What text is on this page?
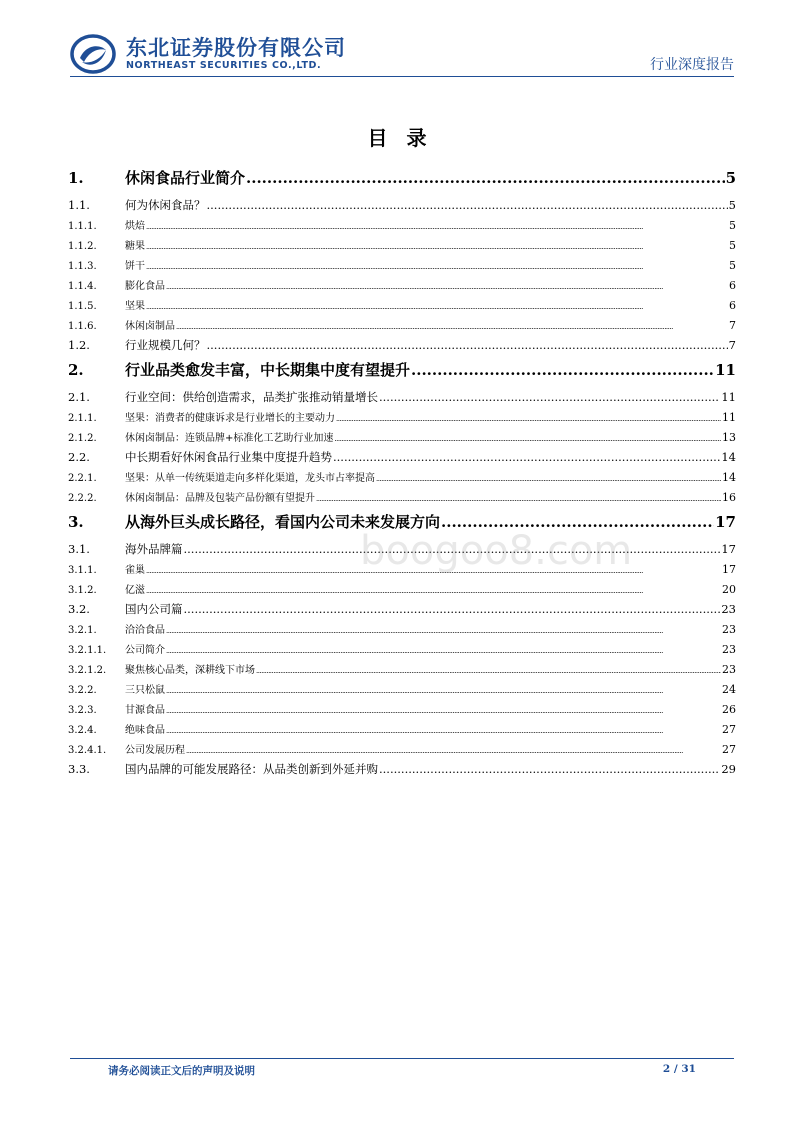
东北证券股份有限公司
NORTHEAST SECURITIES CO.,LTD.	行业深度报告
目 录
1.	休闲食品行业简介 .....	5
1.1.	何为休闲食品？ .....	5
1.1.1.	烘焙 .....	5
1.1.2.	糖果 .....	5
1.1.3.	饼干 .....	5
1.1.4.	膨化食品 .....	6
1.1.5.	坚果 .....	6
1.1.6.	休闲卤制品 .....	7
1.2.	行业规模几何？ .....	7
2.	行业品类愈发丰富，中长期集中度有望提升 .....	11
2.1.	行业空间：供给创造需求，品类扩张推动销量增长 .....	11
2.1.1.	坚果：消费者的健康诉求是行业增长的主要动力 .....	11
2.1.2.	休闲卤制品：连锁品牌+标准化工艺助行业加速 .....	13
2.2.	中长期看好休闲食品行业集中度提升趋势 .....	14
2.2.1.	坚果：从单一传统渠道走向多样化渠道，龙头市占率提高 .....	14
2.2.2.	休闲卤制品：品牌及包装产品份额有望提升 .....	16
3.	从海外巨头成长路径，看国内公司未来发展方向 .....	17
3.1.	海外品牌篇 .....	17
3.1.1.	雀巢 .....	17
3.1.2.	亿滋 .....	20
3.2.	国内公司篇 .....	23
3.2.1.	洽洽食品 .....	23
3.2.1.1.	公司简介 .....	23
3.2.1.2.	聚焦核心品类，深耕线下市场 .....	23
3.2.2.	三只松鼠 .....	24
3.2.3.	甘源食品 .....	26
3.2.4.	绝味食品 .....	27
3.2.4.1.	公司发展历程 .....	27
3.3.	国内品牌的可能发展路径：从品类创新到外延并购 .....	29
boogoo8.com
请务必阅读正文后的声明及说明	2 / 31
